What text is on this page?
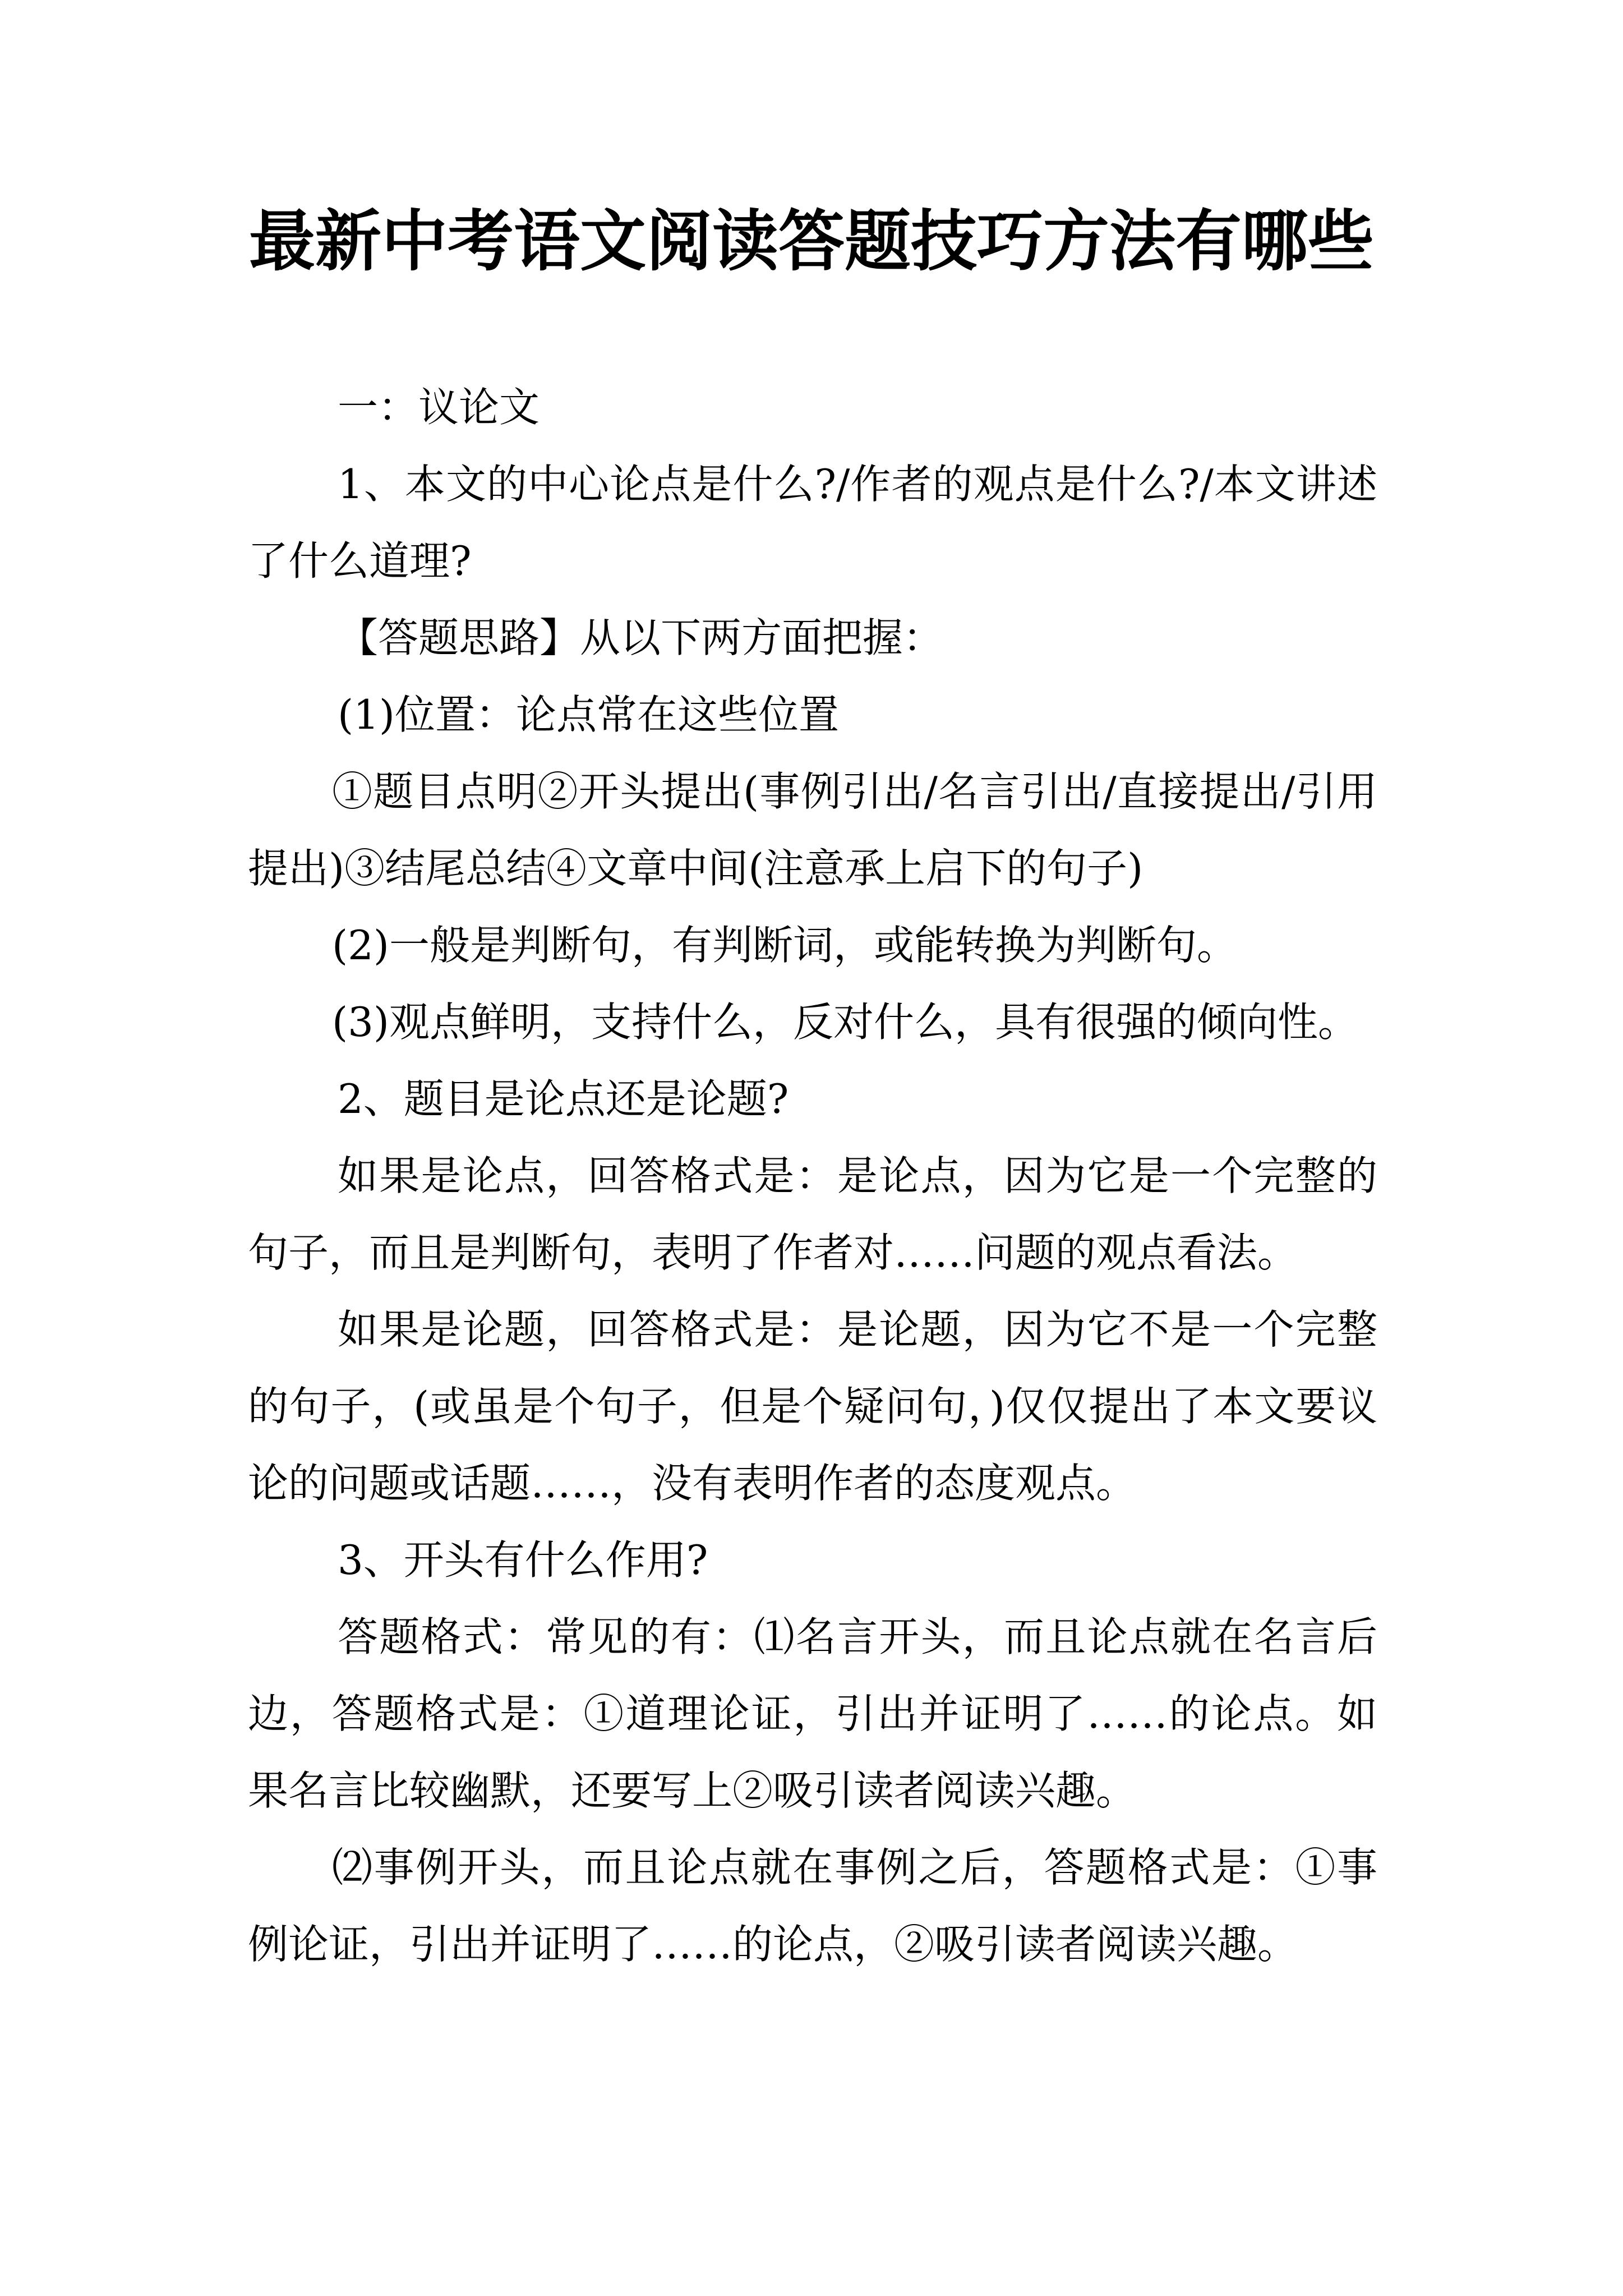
最新中考语文阅读答题技巧方法有哪些

一：议论文

1、本文的中心论点是什么?/作者的观点是什么?/本文讲述了什么道理?

【答题思路】从以下两方面把握：

(1)位置：论点常在这些位置

①题目点明②开头提出(事例引出/名言引出/直接提出/引用提出)③结尾总结④文章中间(注意承上启下的句子)

(2)一般是判断句，有判断词，或能转换为判断句。

(3)观点鲜明，支持什么，反对什么，具有很强的倾向性。

2、题目是论点还是论题?

如果是论点，回答格式是：是论点，因为它是一个完整的句子，而且是判断句，表明了作者对……问题的观点看法。

如果是论题，回答格式是：是论题，因为它不是一个完整的句子，(或虽是个句子，但是个疑问句，)仅仅提出了本文要议论的问题或话题……，没有表明作者的态度观点。

3、开头有什么作用?

答题格式：常见的有：⑴名言开头，而且论点就在名言后边，答题格式是：①道理论证，引出并证明了……的论点。如果名言比较幽默，还要写上②吸引读者阅读兴趣。

⑵事例开头，而且论点就在事例之后，答题格式是：①事例论证，引出并证明了……的论点，②吸引读者阅读兴趣。
